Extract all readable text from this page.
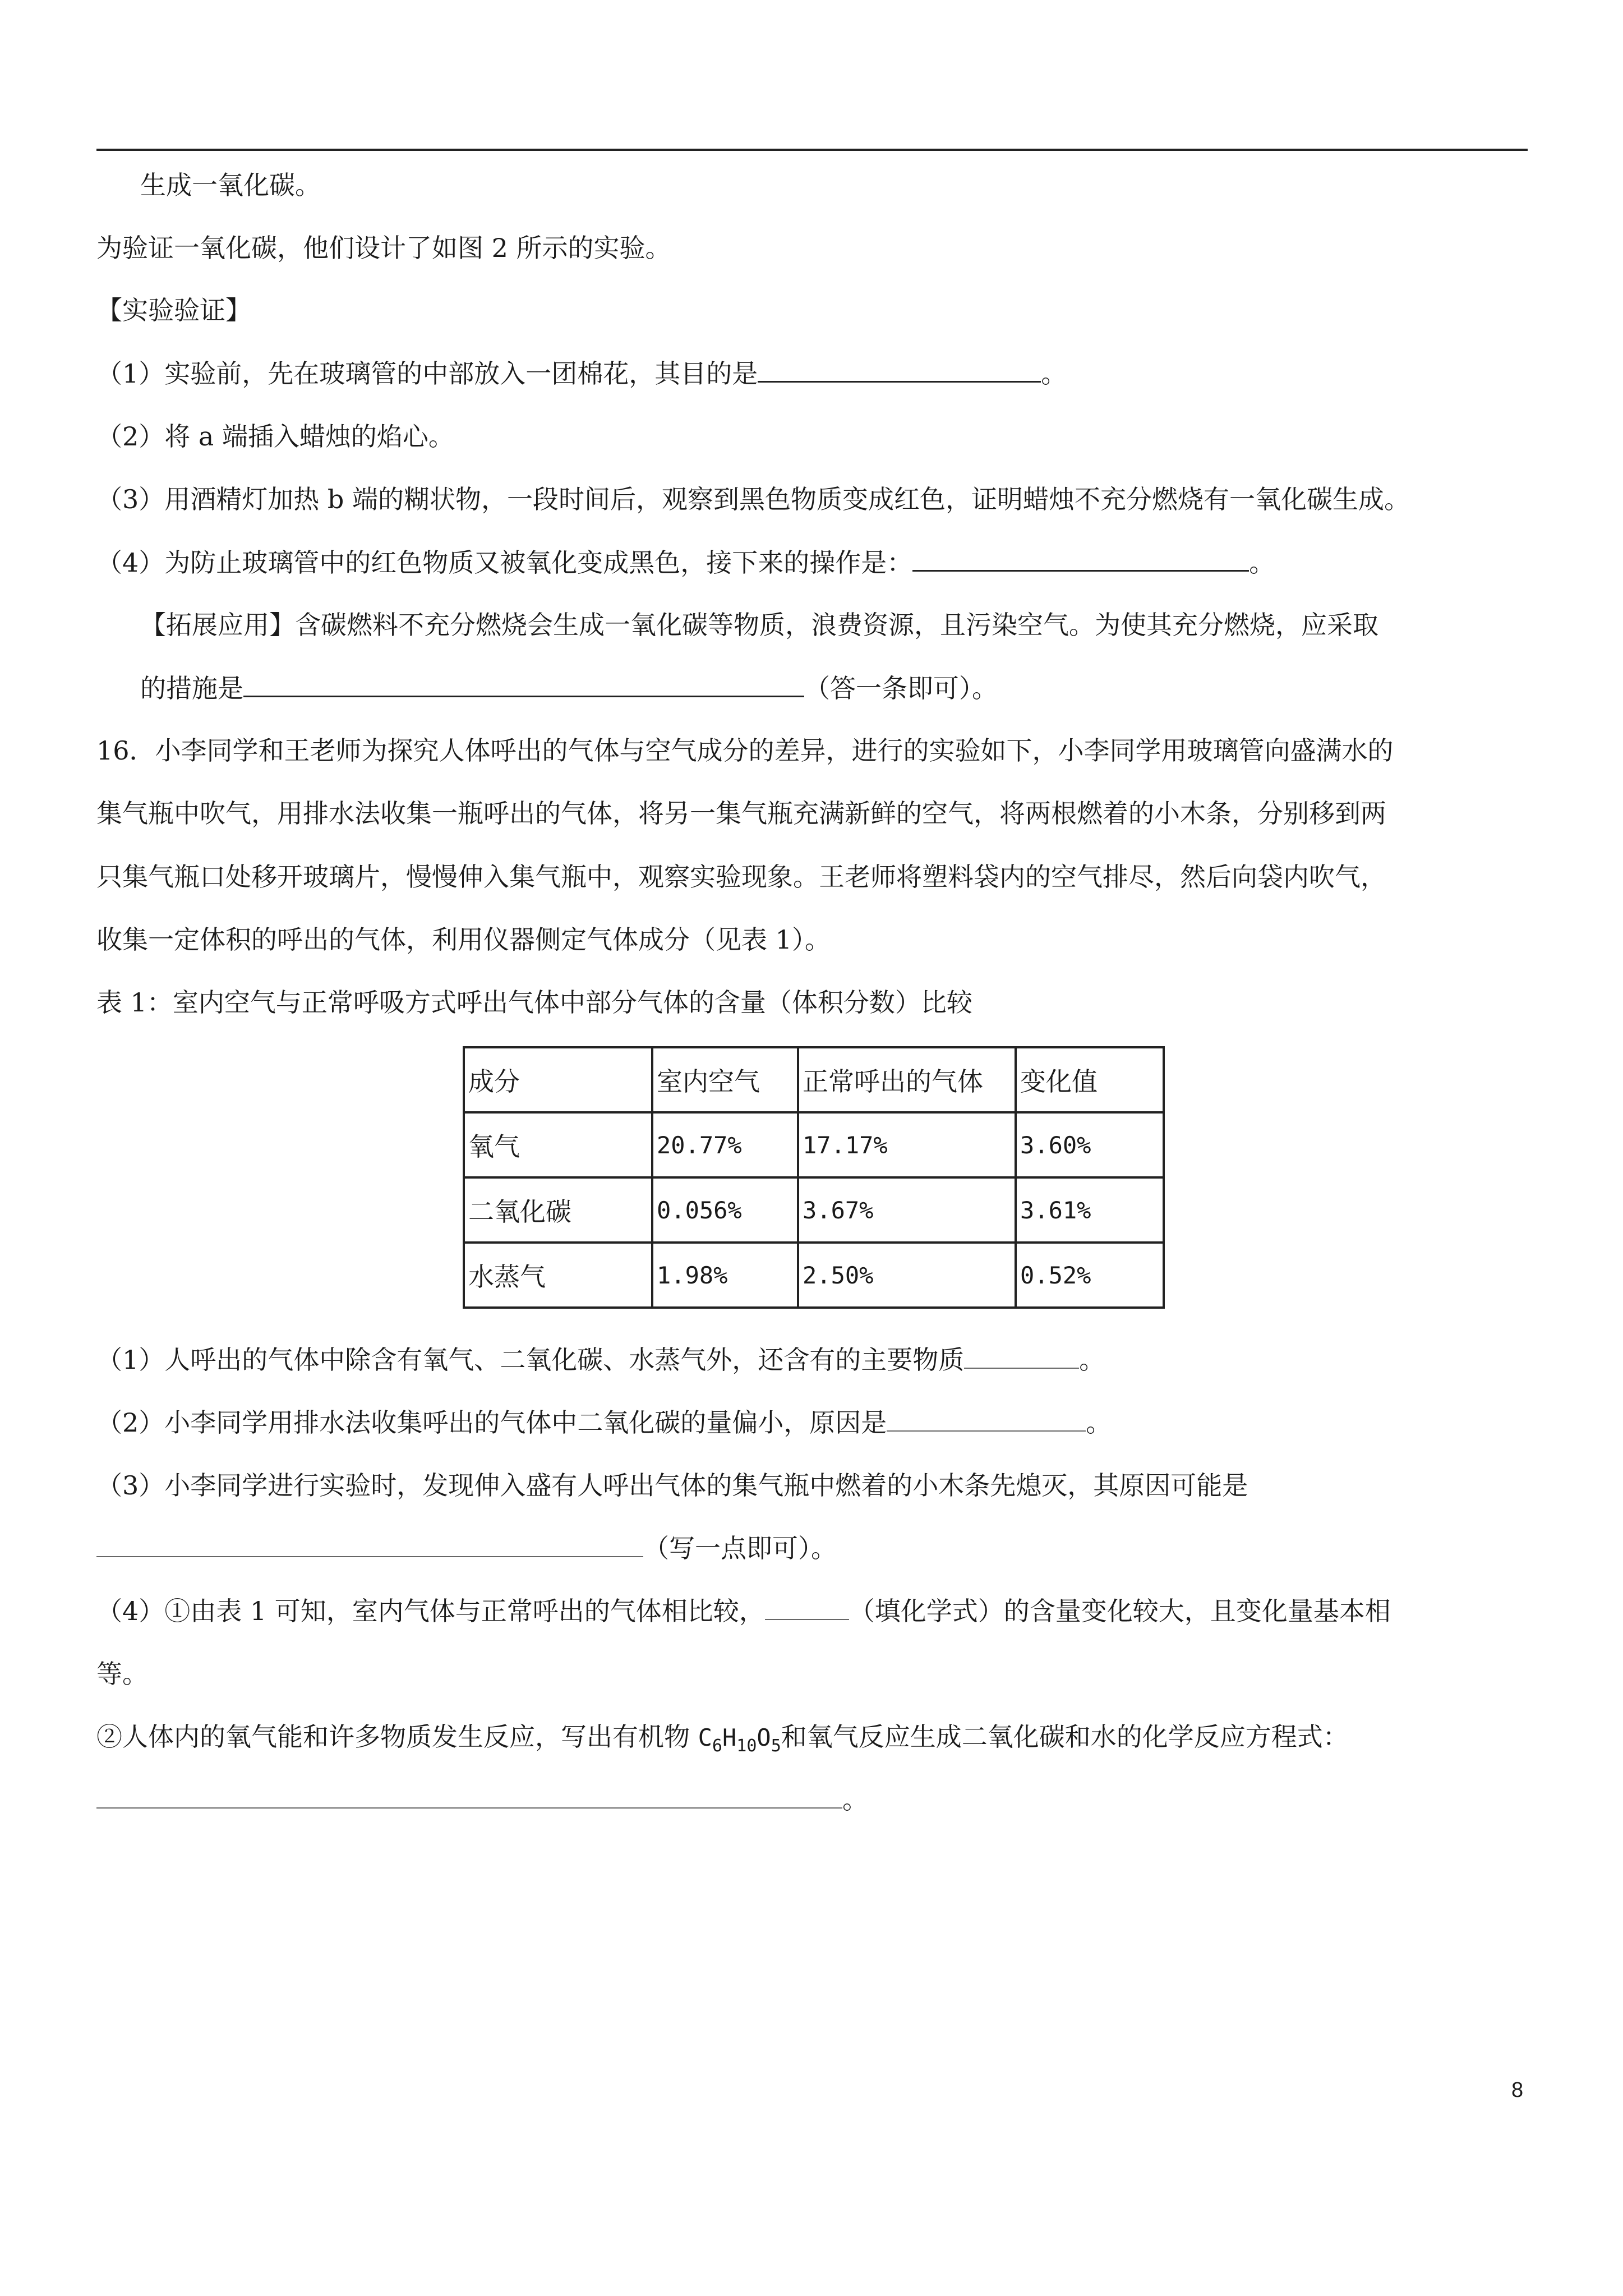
生成一氧化碳。
为验证一氧化碳，他们设计了如图 2 所示的实验。
【实验验证】
（1）实验前，先在玻璃管的中部放入一团棉花，其目的是	。
（2）将 a 端插入蜡烛的焰心。
（3）用酒精灯加热 b 端的糊状物，一段时间后，观察到黑色物质变成红色，证明蜡烛不充分燃烧有一氧化碳生成。
（4）为防止玻璃管中的红色物质又被氧化变成黑色，接下来的操作是：	。
【拓展应用】含碳燃料不充分燃烧会生成一氧化碳等物质，浪费资源，且污染空气。为使其充分燃烧，应采取
的措施是	（答一条即可）。
16．小李同学和王老师为探究人体呼出的气体与空气成分的差异，进行的实验如下，小李同学用玻璃管向盛满水的
集气瓶中吹气，用排水法收集一瓶呼出的气体，将另一集气瓶充满新鲜的空气，将两根燃着的小木条，分别移到两
只集气瓶口处移开玻璃片，慢慢伸入集气瓶中，观察实验现象。王老师将塑料袋内的空气排尽，然后向袋内吹气，
收集一定体积的呼出的气体，利用仪器侧定气体成分（见表 1）。
表 1：室内空气与正常呼吸方式呼出气体中部分气体的含量（体积分数）比较
成分	室内空气	正常呼出的气体	变化值
氧气	20.77%	17.17%	3.60%
二氧化碳	0.056%	3.67%	3.61%
水蒸气	1.98%	2.50%	0.52%
（1）人呼出的气体中除含有氧气、二氧化碳、水蒸气外，还含有的主要物质	。
（2）小李同学用排水法收集呼出的气体中二氧化碳的量偏小，原因是	。
（3）小李同学进行实验时，发现伸入盛有人呼出气体的集气瓶中燃着的小木条先熄灭，其原因可能是
（写一点即可）。
（4）①由表 1 可知，室内气体与正常呼出的气体相比较，	（填化学式）的含量变化较大，且变化量基本相
等。
②人体内的氧气能和许多物质发生反应，写出有机物 $C_6H_{10}O_5$和氧气反应生成二氧化碳和水的化学反应方程式：
。
8
